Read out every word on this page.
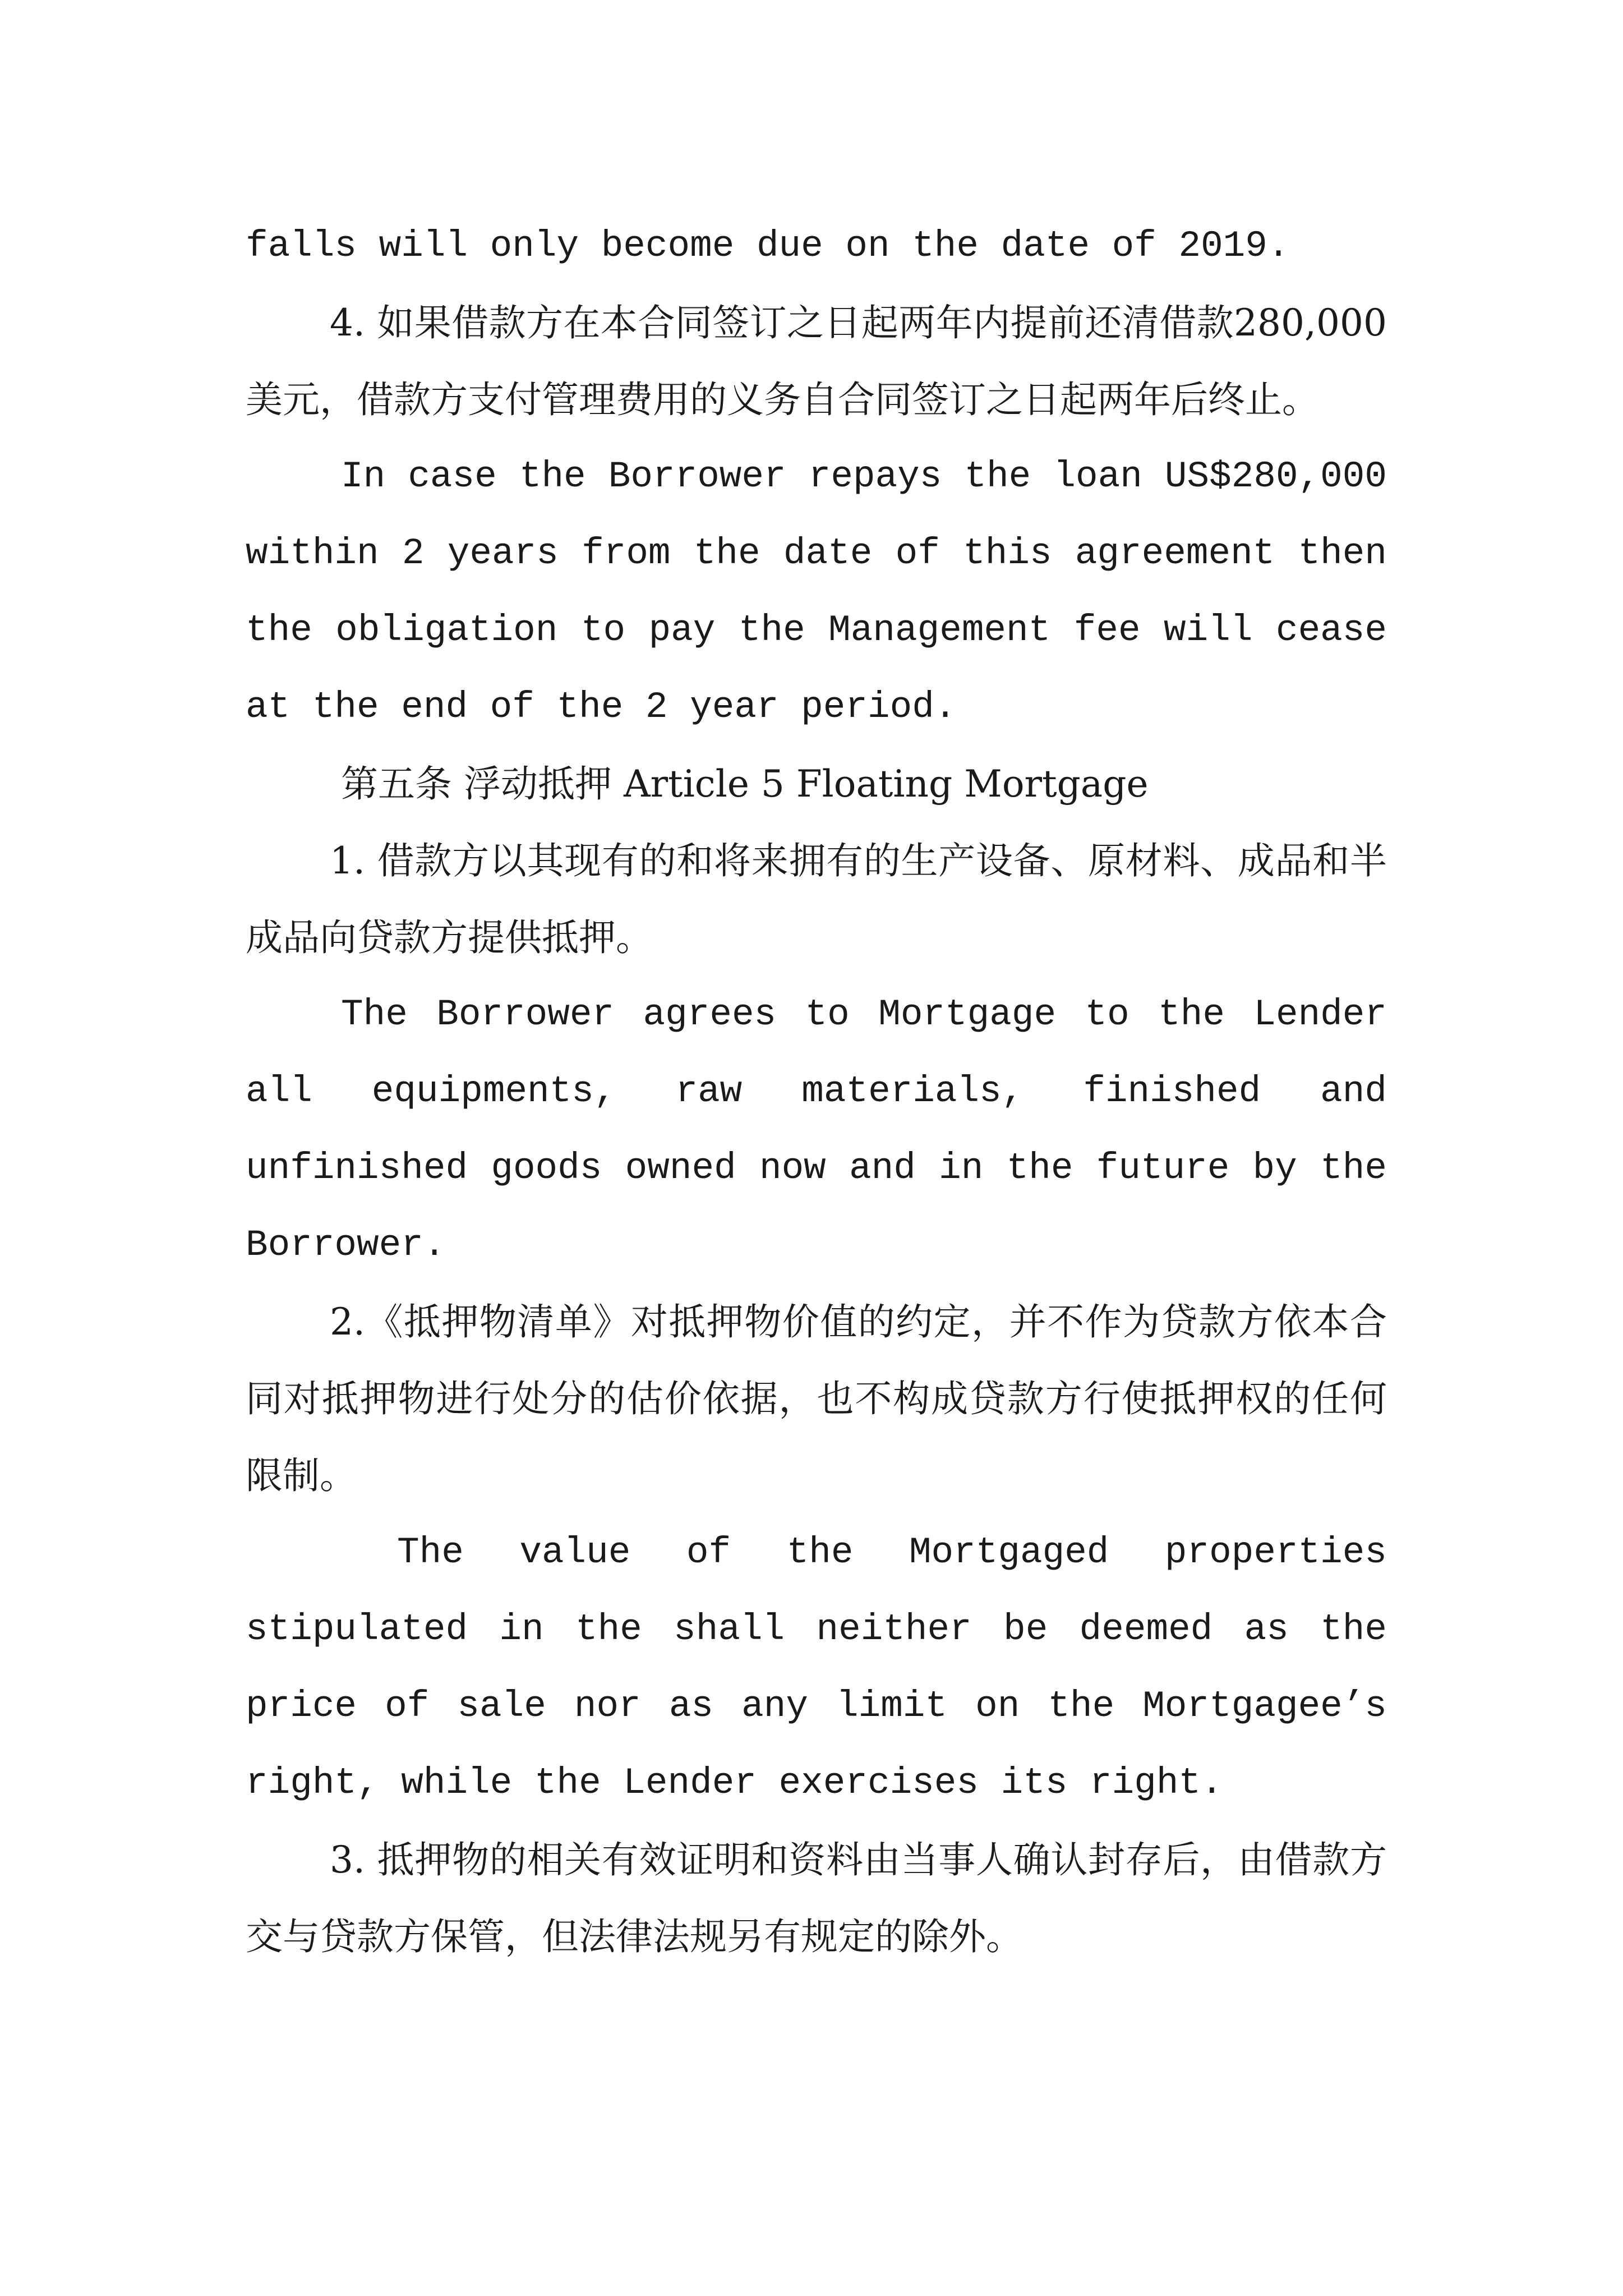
falls will only become due on the date of 2019.

4. 如果借款方在本合同签订之日起两年内提前还清借款280,000美元，借款方支付管理费用的义务自合同签订之日起两年后终止。

In case the Borrower repays the loan US$280,000 within 2 years from the date of this agreement then the obligation to pay the Management fee will cease at the end of the 2 year period.

第五条 浮动抵押 Article 5 Floating Mortgage

1. 借款方以其现有的和将来拥有的生产设备、原材料、成品和半成品向贷款方提供抵押。

The Borrower agrees to Mortgage to the Lender all equipments, raw materials, finished and unfinished goods owned now and in the future by the Borrower.

2.《抵押物清单》对抵押物价值的约定，并不作为贷款方依本合同对抵押物进行处分的估价依据，也不构成贷款方行使抵押权的任何限制。

The value of the Mortgaged properties stipulated in the shall neither be deemed as the price of sale nor as any limit on the Mortgagee’s right, while the Lender exercises its right.

3. 抵押物的相关有效证明和资料由当事人确认封存后，由借款方交与贷款方保管，但法律法规另有规定的除外。
